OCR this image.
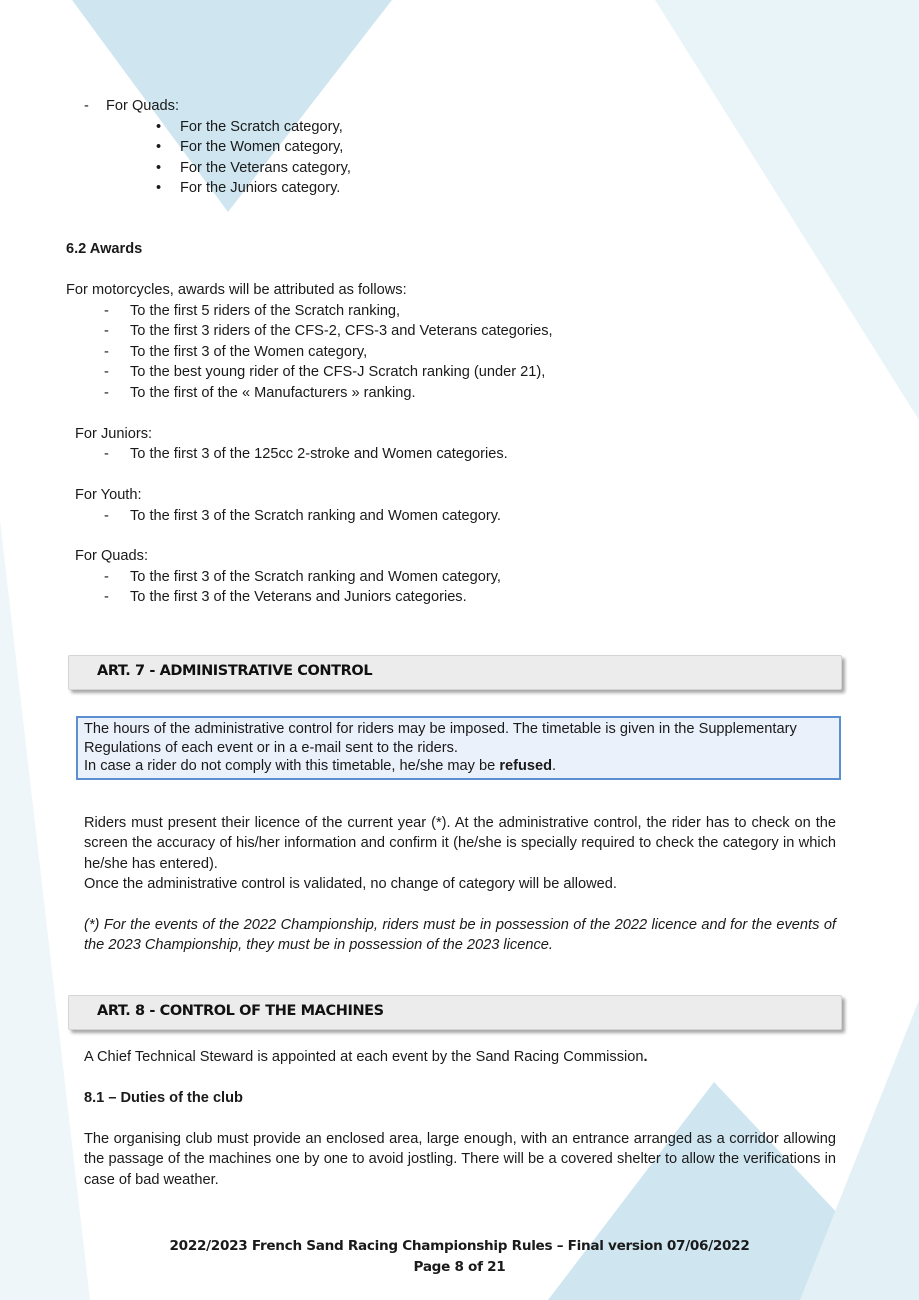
- For Quads:
• For the Scratch category,
• For the Women category,
• For the Veterans category,
• For the Juniors category.
6.2 Awards
For motorcycles, awards will be attributed as follows:
- To the first 5 riders of the Scratch ranking,
- To the first 3 riders of the CFS-2, CFS-3 and Veterans categories,
- To the first 3 of the Women category,
- To the best young rider of the CFS-J Scratch ranking (under 21),
- To the first of the « Manufacturers » ranking.
For Juniors:
- To the first 3 of the 125cc 2-stroke and Women categories.
For Youth:
- To the first 3 of the Scratch ranking and Women category.
For Quads:
- To the first 3 of the Scratch ranking and Women category,
- To the first 3 of the Veterans and Juniors categories.
ART. 7 - ADMINISTRATIVE CONTROL
The hours of the administrative control for riders may be imposed. The timetable is given in the Supplementary
Regulations of each event or in a e-mail sent to the riders.
In case a rider do not comply with this timetable, he/she may be refused.
Riders must present their licence of the current year (*). At the administrative control, the rider has to check on the screen the accuracy of his/her information and confirm it (he/she is specially required to check the category in which he/she has entered).
Once the administrative control is validated, no change of category will be allowed.
(*) For the events of the 2022 Championship, riders must be in possession of the 2022 licence and for the events of the 2023 Championship, they must be in possession of the 2023 licence.
ART. 8 - CONTROL OF THE MACHINES
A Chief Technical Steward is appointed at each event by the Sand Racing Commission.
8.1 – Duties of the club
The organising club must provide an enclosed area, large enough, with an entrance arranged as a corridor allowing the passage of the machines one by one to avoid jostling. There will be a covered shelter to allow the verifications in case of bad weather.
2022/2023 French Sand Racing Championship Rules – Final version 07/06/2022
Page 8 of 21
